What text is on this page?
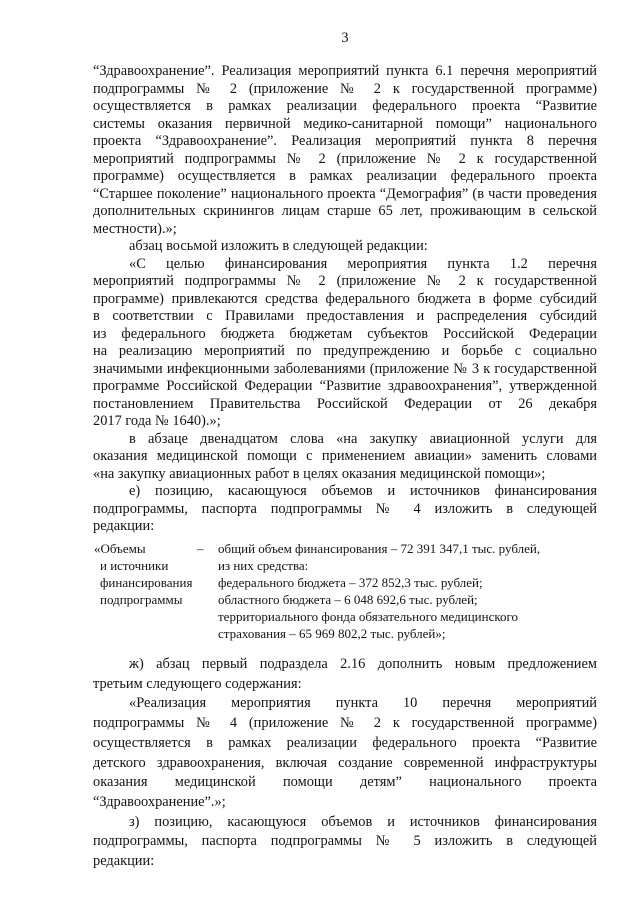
3
“Здравоохранение”. Реализация мероприятий пункта 6.1 перечня мероприятий
подпрограммы № 2 (приложение № 2 к государственной программе)
осуществляется в рамках реализации федерального проекта “Развитие
системы оказания первичной медико-санитарной помощи” национального
проекта “Здравоохранение”. Реализация мероприятий пункта 8 перечня
мероприятий подпрограммы № 2 (приложение № 2 к государственной
программе) осуществляется в рамках реализации федерального проекта
“Старшее поколение” национального проекта “Демография” (в части проведения
дополнительных скринингов лицам старше 65 лет, проживающим в сельской
местности).»;
абзац восьмой изложить в следующей редакции:
«С целью финансирования мероприятия пункта 1.2 перечня
мероприятий подпрограммы № 2 (приложение № 2 к государственной
программе) привлекаются средства федерального бюджета в форме субсидий
в соответствии с Правилами предоставления и распределения субсидий
из федерального бюджета бюджетам субъектов Российской Федерации
на реализацию мероприятий по предупреждению и борьбе с социально
значимыми инфекционными заболеваниями (приложение № 3 к государственной
программе Российской Федерации “Развитие здравоохранения”, утвержденной
постановлением Правительства Российской Федерации от 26 декабря
2017 года № 1640).»;
в абзаце двенадцатом слова «на закупку авиационной услуги для
оказания медицинской помощи с применением авиации» заменить словами
«на закупку авиационных работ в целях оказания медицинской помощи»;
е) позицию, касающуюся объемов и источников финансирования
подпрограммы, паспорта подпрограммы № 4 изложить в следующей
редакции:
«Объемы
и источники
финансирования
подпрограммы
– общий объем финансирования – 72 391 347,1 тыс. рублей,
из них средства:
федерального бюджета – 372 852,3 тыс. рублей;
областного бюджета – 6 048 692,6 тыс. рублей;
территориального фонда обязательного медицинского
страхования – 65 969 802,2 тыс. рублей»;
ж) абзац первый подраздела 2.16 дополнить новым предложением
третьим следующего содержания:
«Реализация мероприятия пункта 10 перечня мероприятий
подпрограммы № 4 (приложение № 2 к государственной программе)
осуществляется в рамках реализации федерального проекта “Развитие
детского здравоохранения, включая создание современной инфраструктуры
оказания медицинской помощи детям” национального проекта
“Здравоохранение”.»;
з) позицию, касающуюся объемов и источников финансирования
подпрограммы, паспорта подпрограммы № 5 изложить в следующей
редакции:
